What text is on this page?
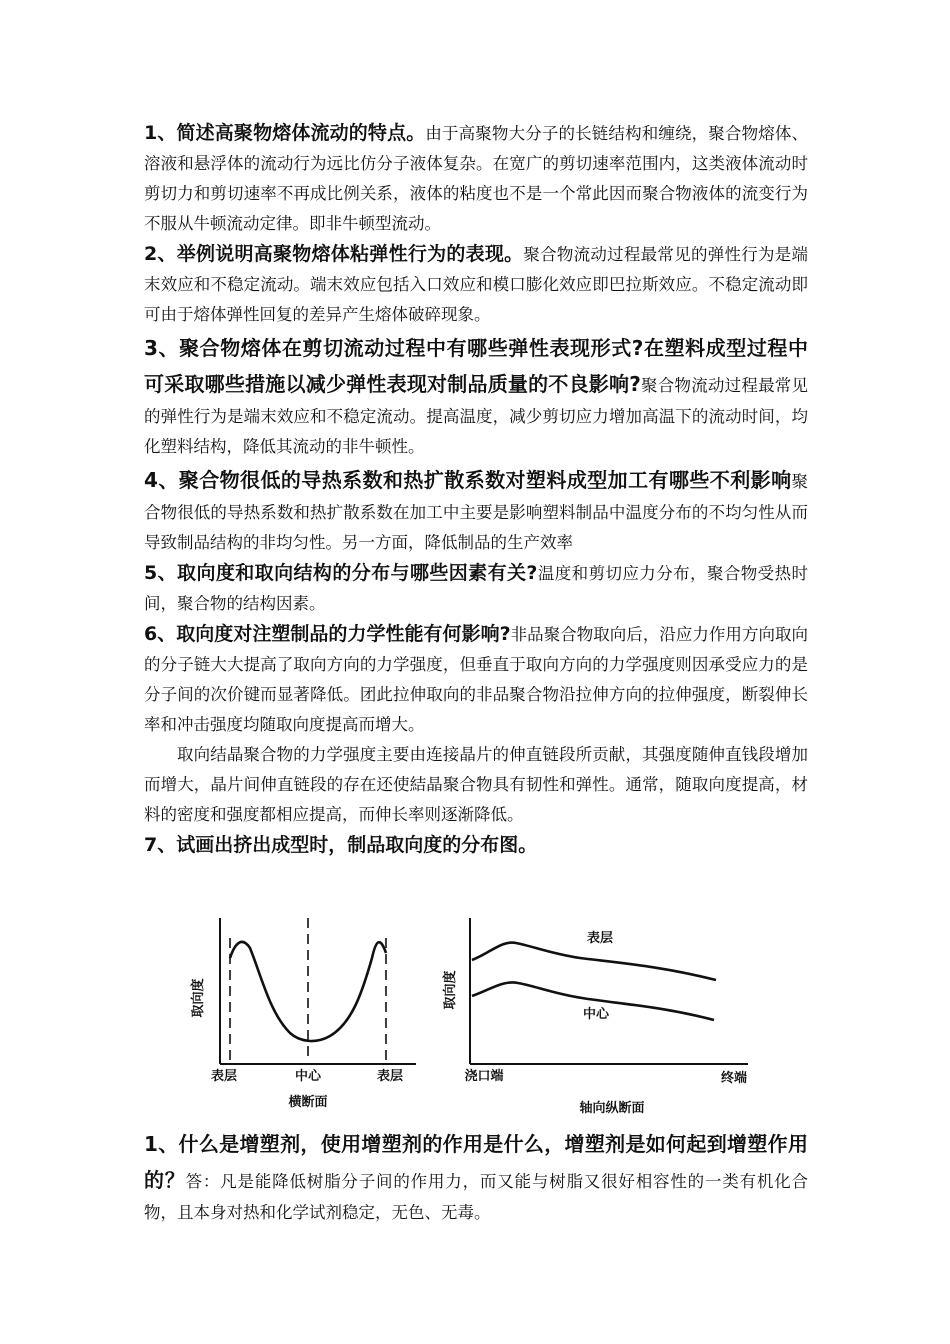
1、简述高聚物熔体流动的特点。由于高聚物大分子的长链结构和缠绕，聚合物熔体、溶液和悬浮体的流动行为远比仿分子液体复杂。在宽广的剪切速率范围内，这类液体流动时剪切力和剪切速率不再成比例关系，液体的粘度也不是一个常此因而聚合物液体的流变行为不服从牛顿流动定律。即非牛顿型流动。

2、举例说明高聚物熔体粘弹性行为的表现。聚合物流动过程最常见的弹性行为是端末效应和不稳定流动。端末效应包括入口效应和模口膨化效应即巴拉斯效应。不稳定流动即可由于熔体弹性回复的差异产生熔体破碎现象。

3、聚合物熔体在剪切流动过程中有哪些弹性表现形式?在塑料成型过程中可采取哪些措施以减少弹性表现对制品质量的不良影响?聚合物流动过程最常见的弹性行为是端末效应和不稳定流动。提高温度，减少剪切应力增加高温下的流动时间，均化塑料结构，降低其流动的非牛顿性。

4、聚合物很低的导热系数和热扩散系数对塑料成型加工有哪些不利影响聚合物很低的导热系数和热扩散系数在加工中主要是影响塑料制品中温度分布的不均匀性从而导致制品结构的非均匀性。另一方面，降低制品的生产效率

5、取向度和取向结构的分布与哪些因素有关?温度和剪切应力分布，聚合物受热时间，聚合物的结构因素。

6、取向度对注塑制品的力学性能有何影响?非品聚合物取向后，沿应力作用方向取向的分子链大大提高了取向方向的力学强度，但垂直于取向方向的力学强度则因承受应力的是分子间的次价键而显著降低。团此拉伸取向的非品聚合物沿拉伸方向的拉伸强度，断裂伸长率和冲击强度均随取向度提高而增大。

取向结晶聚合物的力学强度主要由连接晶片的伸直链段所贡献，其强度随伸直钱段增加而增大，晶片间伸直链段的存在还使結晶聚合物具有韧性和弹性。通常，随取向度提高，材料的密度和强度都相应提高，而伸长率则逐渐降低。

7、试画出挤出成型时，制品取向度的分布图。

取向度
表层	中心	表层
横断面
表层
中心
取向度
浇口端	终端
轴向纵断面

1、什么是增塑剂，使用增塑剂的作用是什么，增塑剂是如何起到增塑作用的？答：凡是能降低树脂分子间的作用力，而又能与树脂又很好相容性的一类有机化合物，且本身对热和化学试剂稳定，无色、无毒。
